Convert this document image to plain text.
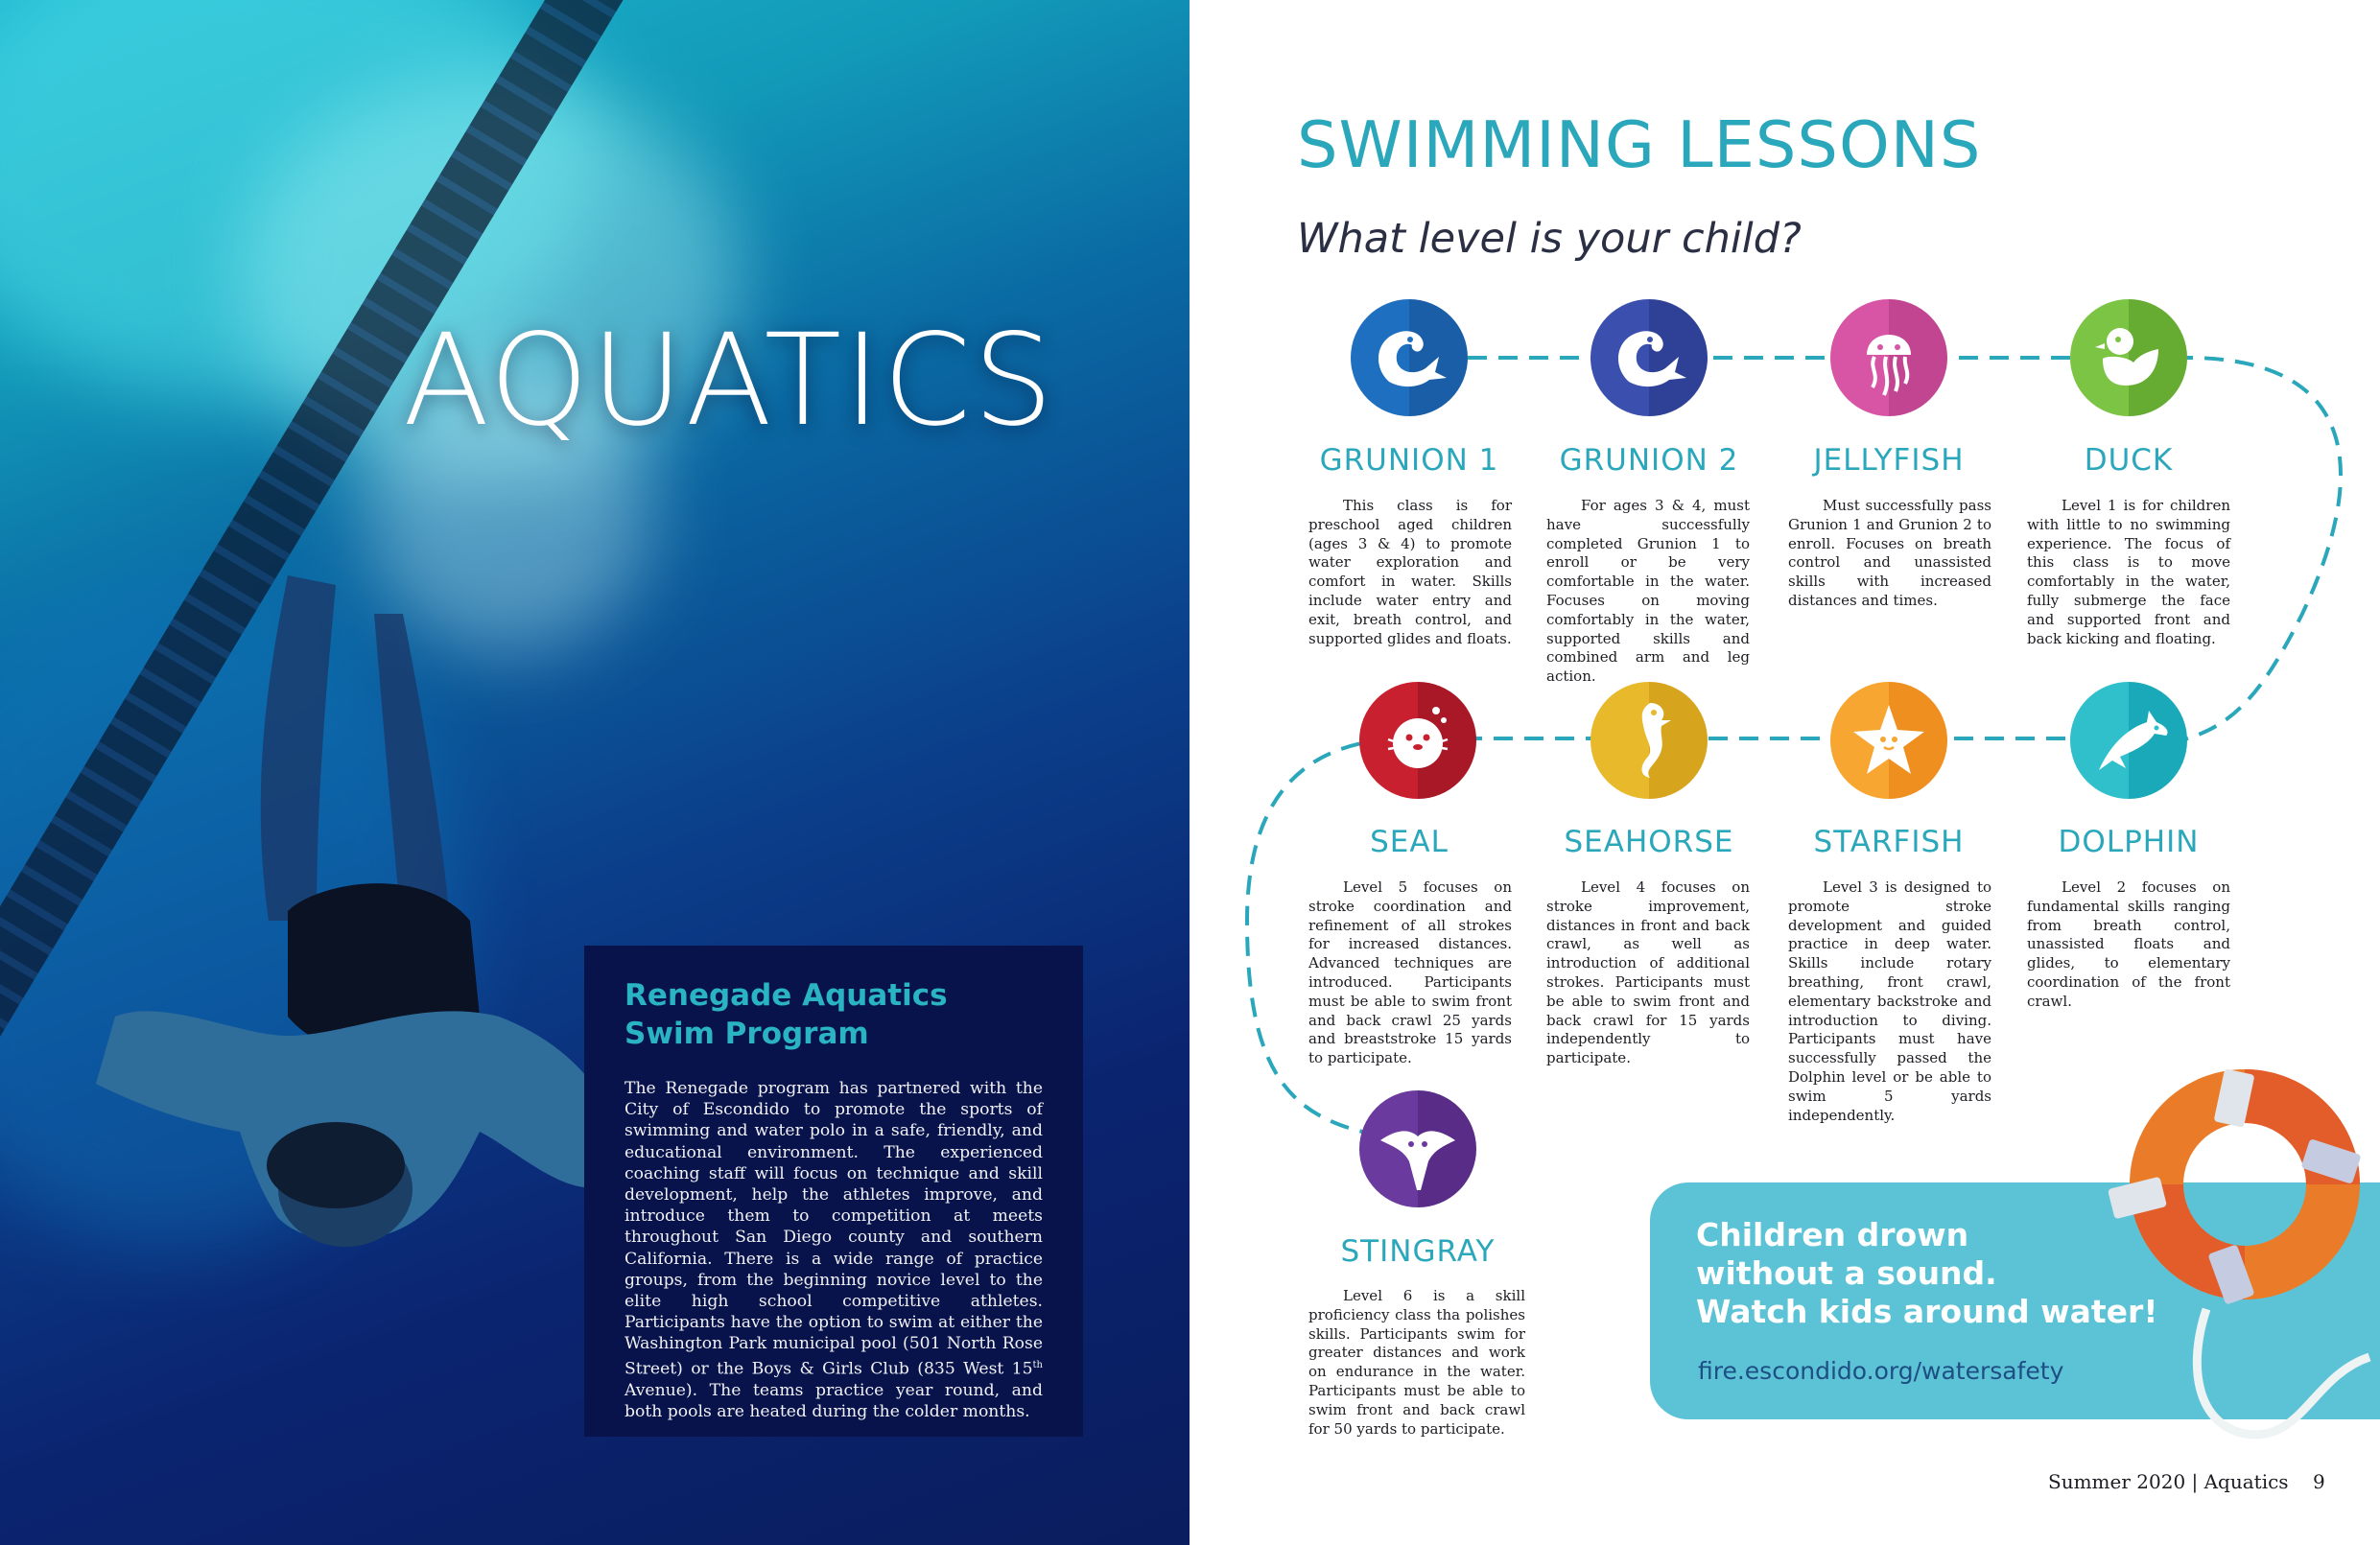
AQUATICS
Renegade Aquatics
Swim Program

The Renegade program has partnered with the City of Escondido to promote the sports of swimming and water polo in a safe, friendly, and educational environment. The experienced coaching staff will focus on technique and skill development, help the athletes improve, and introduce them to competition at meets throughout San Diego county and southern California. There is a wide range of practice groups, from the beginning novice level to the elite high school competitive athletes. Participants have the option to swim at either the Washington Park municipal pool (501 North Rose Street) or the Boys & Girls Club (835 West 15th Avenue). The teams practice year round, and both pools are heated during the colder months.

SWIMMING LESSONS
What level is your child?
GRUNION 1	GRUNION 2	JELLYFISH	DUCK
SEAL	SEAHORSE	STARFISH	DOLPHIN
STINGRAY

This class is for preschool aged children (ages 3 & 4) to promote water exploration and comfort in water. Skills include water entry and exit, breath control, and supported glides and floats.

For ages 3 & 4, must have successfully completed Grunion 1 to enroll or be very comfortable in the water. Focuses on moving comfortably in the water, supported skills and combined arm and leg action.

Must successfully pass Grunion 1 and Grunion 2 to enroll. Focuses on breath control and unassisted skills with increased distances and times.

Level 1 is for children with little to no swimming experience. The focus of this class is to move comfortably in the water, fully submerge the face and supported front and back kicking and floating.

Level 5 focuses on stroke coordination and refinement of all strokes for increased distances. Advanced techniques are introduced. Participants must be able to swim front and back crawl 25 yards and breaststroke 15 yards to participate.

Level 4 focuses on stroke improvement, distances in front and back crawl, as well as introduction of additional strokes. Participants must be able to swim front and back crawl for 15 yards independently to participate.

Level 3 is designed to promote stroke development and guided practice in deep water. Skills include rotary breathing, front crawl, elementary backstroke and introduction to diving. Participants must have successfully passed the Dolphin level or be able to swim 5 yards independently.

Level 2 focuses on fundamental skills ranging from breath control, unassisted floats and glides, to elementary coordination of the front crawl.

Level 6 is a skill proficiency class tha polishes skills. Participants swim for greater distances and work on endurance in the water. Participants must be able to swim front and back crawl for 50 yards to participate.

Children drown
without a sound.
Watch kids around water!
fire.escondido.org/watersafety
Summer 2020 | Aquatics    9
